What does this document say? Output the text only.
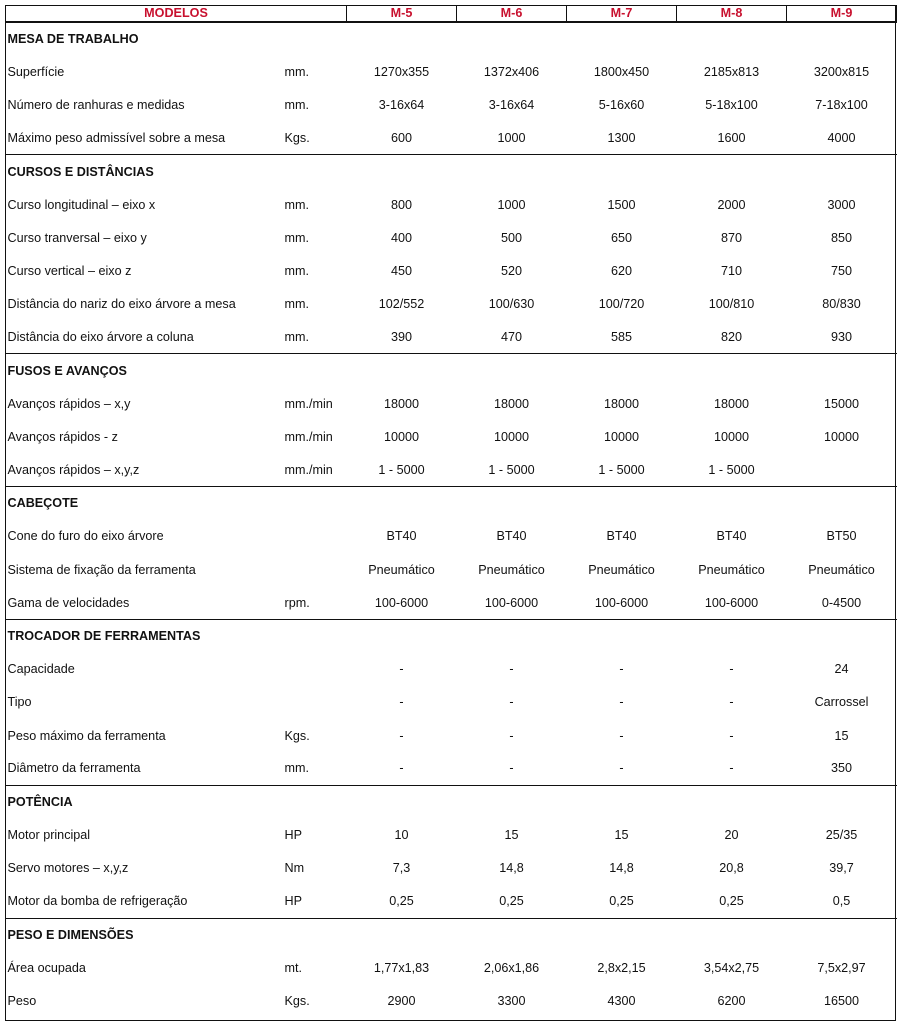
MODELOS		M-5	M-6	M-7	M-8	M-9
MESA DE TRABALHO						
Superfície	mm.	1270x355	1372x406	1800x450	2185x813	3200x815
Número de ranhuras e medidas	mm.	3-16x64	3-16x64	5-16x60	5-18x100	7-18x100
Máximo peso admissível sobre a mesa	Kgs.	600	1000	1300	1600	4000
CURSOS E DISTÂNCIAS						
Curso longitudinal – eixo x	mm.	800	1000	1500	2000	3000
Curso tranversal – eixo y	mm.	400	500	650	870	850
Curso vertical – eixo z	mm.	450	520	620	710	750
Distância do nariz do eixo árvore a mesa	mm.	102/552	100/630	100/720	100/810	80/830
Distância do eixo árvore a coluna	mm.	390	470	585	820	930
FUSOS E AVANÇOS						
Avanços rápidos – x,y	mm./min	18000	18000	18000	18000	15000
Avanços rápidos - z	mm./min	10000	10000	10000	10000	10000
Avanços rápidos – x,y,z	mm./min	1 - 5000	1 - 5000	1 - 5000	1 - 5000	
CABEÇOTE						
Cone do furo do eixo árvore		BT40	BT40	BT40	BT40	BT50
Sistema de fixação da ferramenta		Pneumático	Pneumático	Pneumático	Pneumático	Pneumático
Gama de velocidades	rpm.	100-6000	100-6000	100-6000	100-6000	0-4500
TROCADOR DE FERRAMENTAS						
Capacidade		-	-	-	-	24
Tipo		-	-	-	-	Carrossel
Peso máximo da ferramenta	Kgs.	-	-	-	-	15
Diâmetro da ferramenta	mm.	-	-	-	-	350
POTÊNCIA						
Motor principal	HP	10	15	15	20	25/35
Servo motores – x,y,z	Nm	7,3	14,8	14,8	20,8	39,7
Motor da bomba de refrigeração	HP	0,25	0,25	0,25	0,25	0,5
PESO E DIMENSÕES						
Área ocupada	mt.	1,77x1,83	2,06x1,86	2,8x2,15	3,54x2,75	7,5x2,97
Peso	Kgs.	2900	3300	4300	6200	16500
